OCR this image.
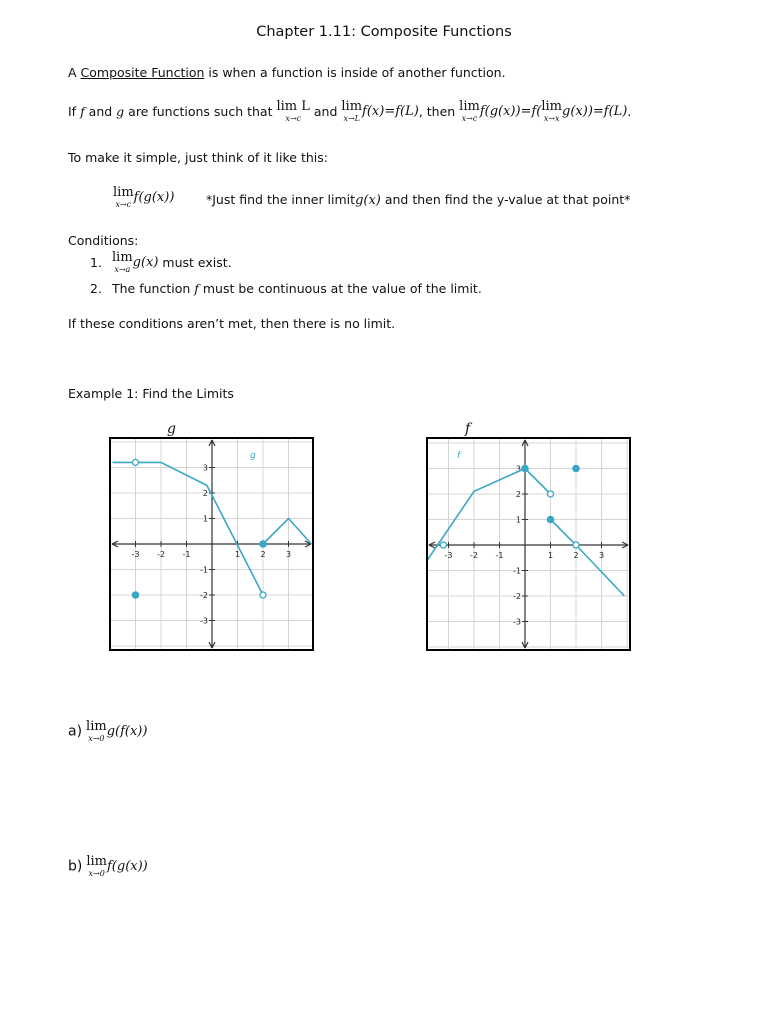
Chapter 1.11: Composite Functions
A Composite Function is when a function is inside of another function.
If f and g are functions such that lim L
x→c	and lim
x→L f(x)=f(L), then lim
x→c f(g(x))=f( lim
x→x g(x))=f(L).
To make it simple, just think of it like this:
lim
x→c f(g(x))	*Just find the inner limitg(x) and then find the y-value at that point*
Conditions:
1. lim
x→a g(x) must exist.
2. The function f must be continuous at the value of the limit.
If these conditions aren’t met, then there is no limit.
Example 1: Find the Limits
g	f
-3 -2 -1	1	2	3
3
2
1
-1
-2
-3
g
-3 -2 -1	1	2	3
3
2
1
-1
-2
-3
f
a) lim
x→0 g(f(x))
b) lim
x→0 f(g(x))
